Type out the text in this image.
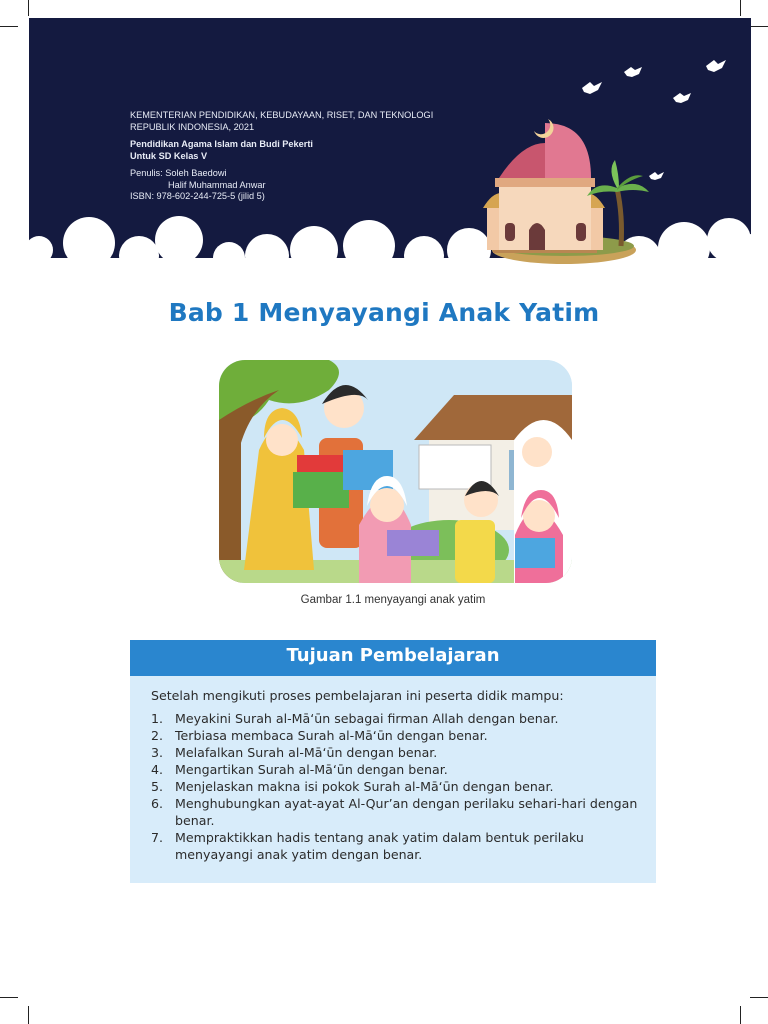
KEMENTERIAN PENDIDIKAN, KEBUDAYAAN, RISET, DAN TEKNOLOGI
REPUBLIK INDONESIA, 2021
Pendidikan Agama Islam dan Budi Pekerti
Untuk SD Kelas V
Penulis: Soleh Baedowi
Halif Muhammad Anwar
ISBN: 978-602-244-725-5 (jilid 5)
Bab 1 Menyayangi Anak Yatim
Gambar 1.1 menyayangi anak yatim
Tujuan Pembelajaran
Setelah mengikuti proses pembelajaran ini peserta didik mampu:
1. Meyakini Surah al-Mā‘ūn sebagai firman Allah dengan benar.
2. Terbiasa membaca Surah al-Mā‘ūn dengan benar.
3. Melafalkan Surah al-Mā‘ūn dengan benar.
4. Mengartikan Surah al-Mā‘ūn dengan benar.
5. Menjelaskan makna isi pokok Surah al-Mā‘ūn dengan benar.
6. Menghubungkan ayat-ayat Al-Qur’an dengan perilaku sehari-hari dengan benar.
7. Mempraktikkan hadis tentang anak yatim dalam bentuk perilaku menyayangi anak yatim dengan benar.
